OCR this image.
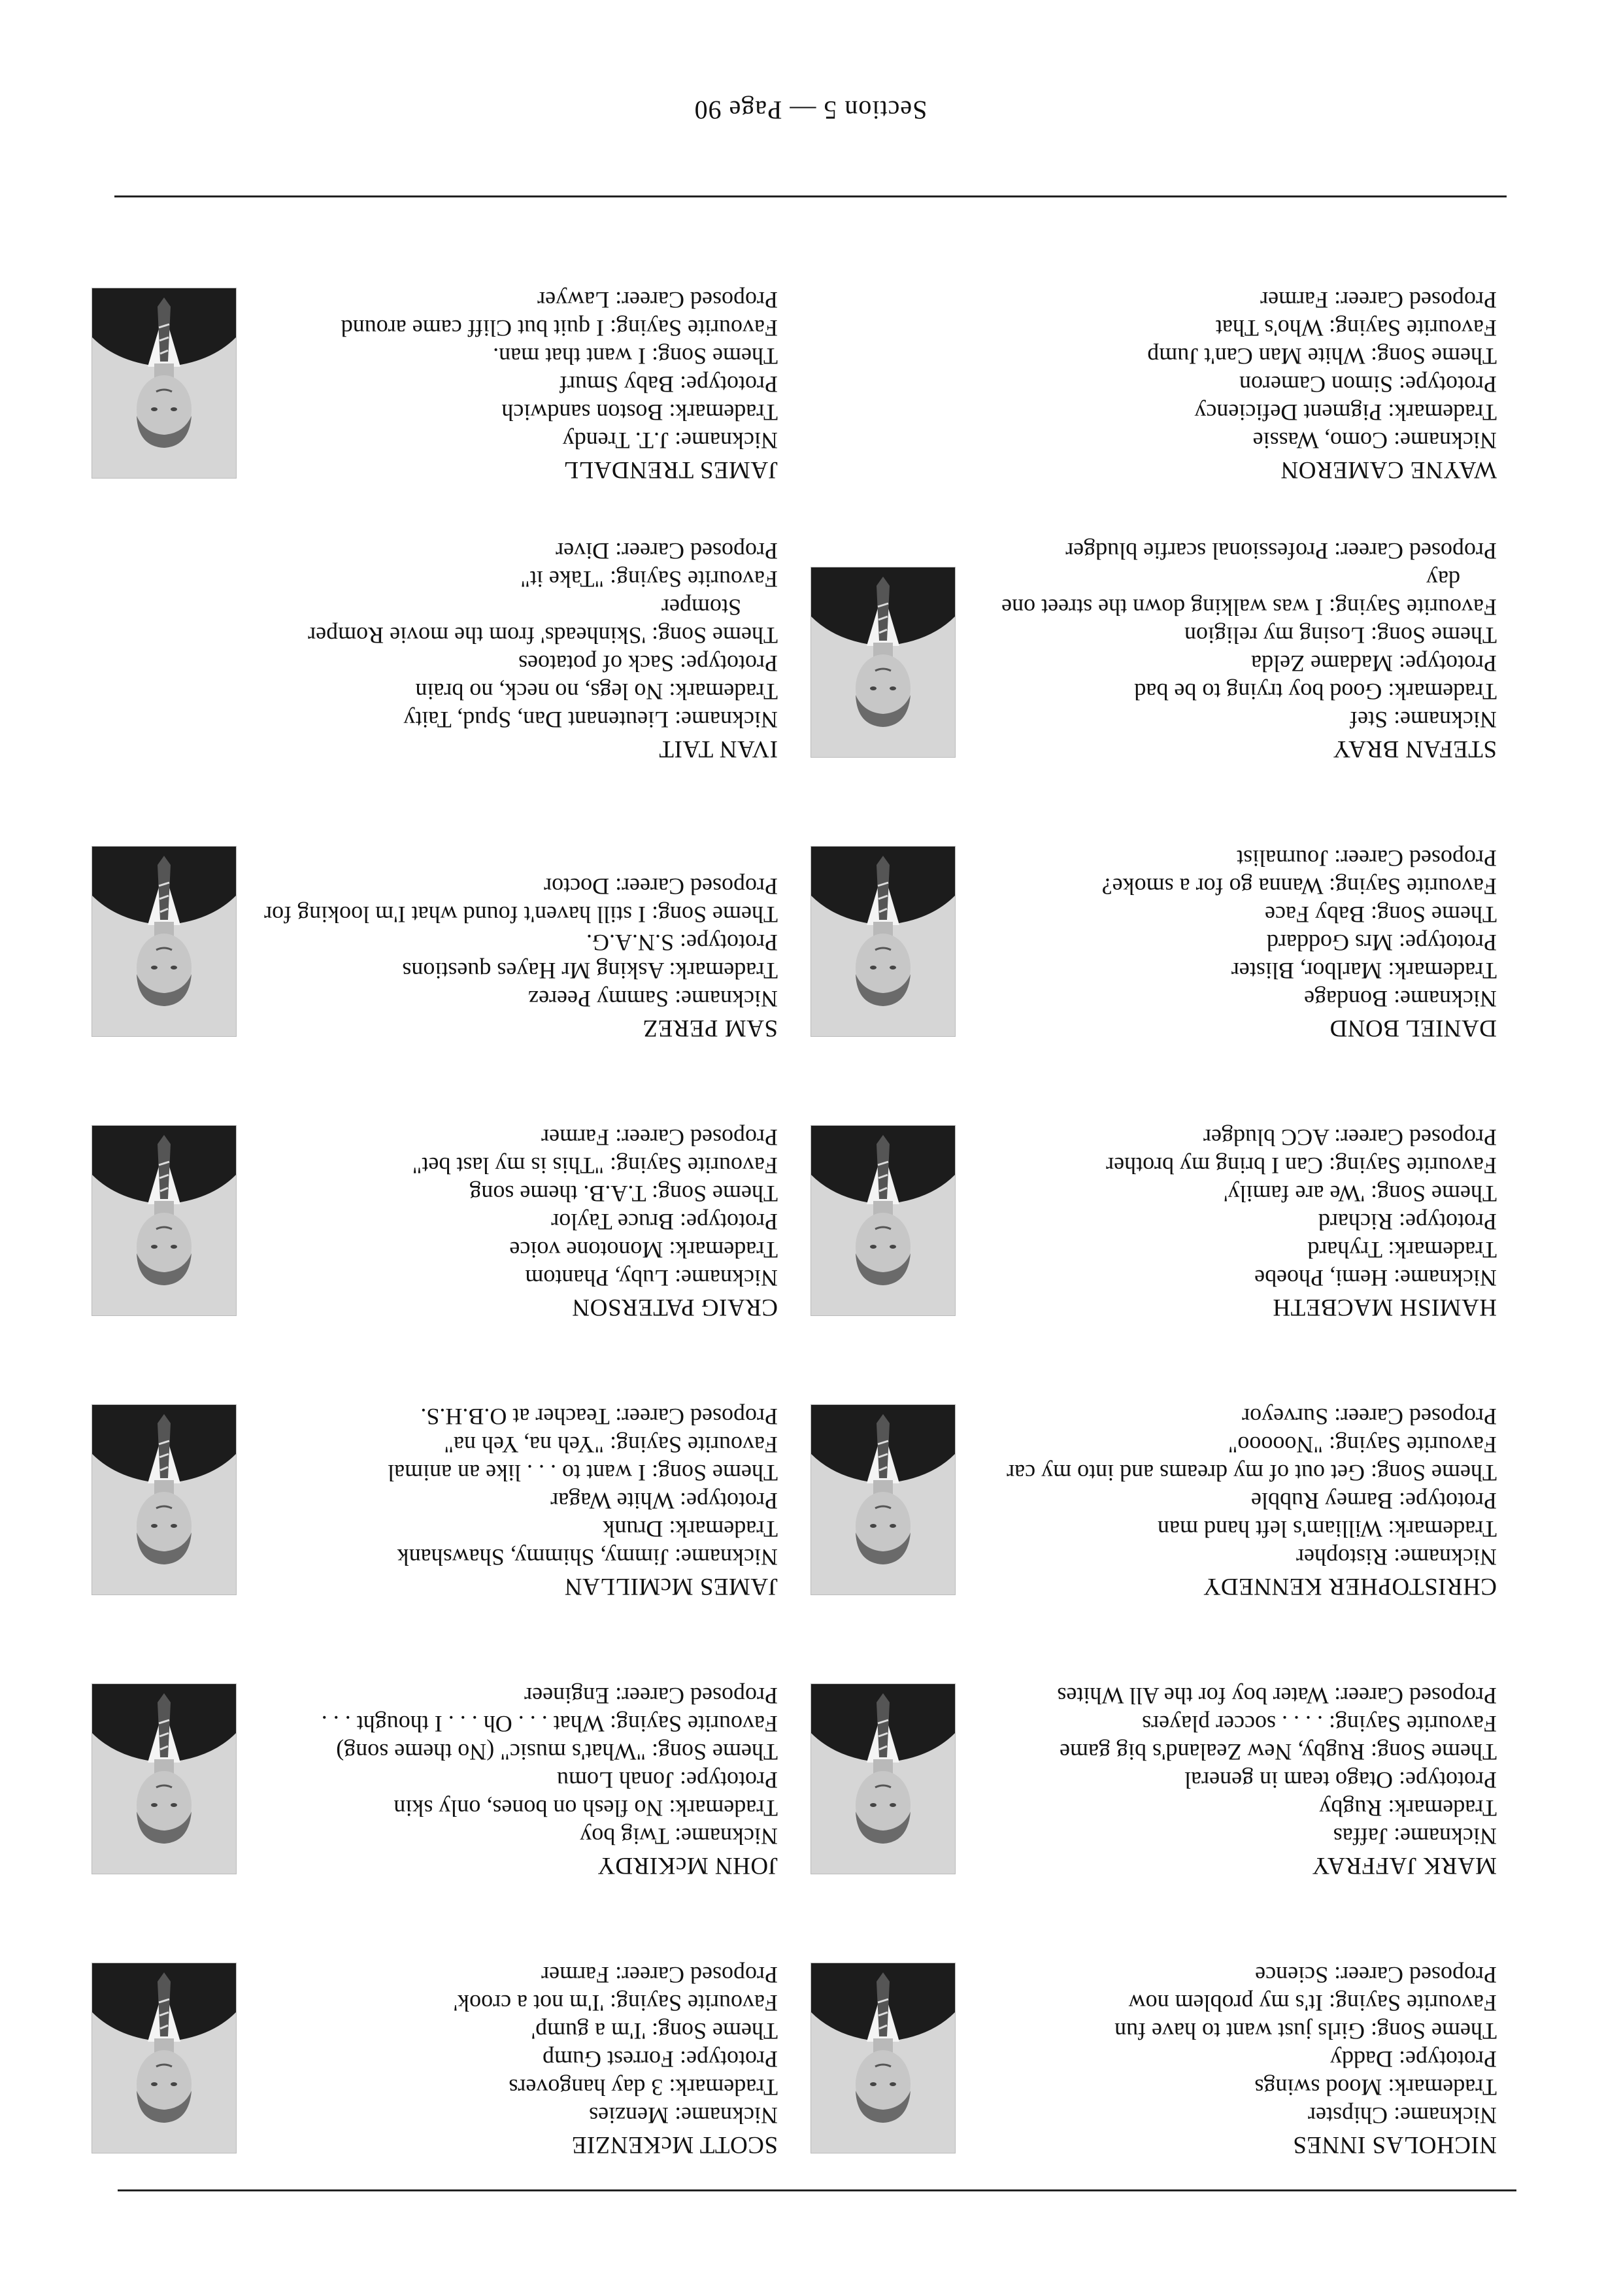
NICHOLAS INNES
Nickname: Chipster
Trademark: Mood swings
Prototype: Daddy
Theme Song: Girls just want to have fun
Favourite Saying: It's my problem now
Proposed Career: Science
MARK JAFFRAY
Nickname: Jaffas
Trademark: Rugby
Prototype: Otago team in general
Theme Song: Rugby, New Zealand's big game
Favourite Saying: . . . . soccer players
Proposed Career: Water boy for the All Whites
CHRISTOPHER KENNEDY
Nickname: Ristopher
Trademark: William's left hand man
Prototype: Barney Rubble
Theme Song: Get out of my dreams and into my car
Favourite Saying: "Nooooo"
Proposed Career: Surveyor
HAMISH MACBETH
Nickname: Hemi, Phoebe
Trademark: Tryhard
Prototype: Richard
Theme Song: 'We are family'
Favourite Saying: Can I bring my brother
Proposed Career: ACC bludger
DANIEL BOND
Nickname: Bondage
Trademark: Marlbor, Blister
Prototype: Mrs Goddard
Theme Song: Baby Face
Favourite Saying: Wanna go for a smoke?
Proposed Career: Journalist
STEFAN BRAY
Nickname: Stef
Trademark: Good boy trying to be bad
Prototype: Madame Zelda
Theme Song: Losing my religion
Favourite Saying: I was walking down the street one day
Proposed Career: Professional scarfie bludger
WAYNE CAMERON
Nickname: Como, Wassie
Trademark: Pigment Deficiency
Prototype: Simon Cameron
Theme Song: White Man Can't Jump
Favourite Saying: Who's That
Proposed Career: Farmer
SCOTT McKENZIE
Nickname: Menzies
Trademark: 3 day hangovers
Prototype: Forrest Gump
Theme Song: 'I'm a gump'
Favourite Saying: 'I'm not a crook'
Proposed Career: Farmer
JOHN McKIRDY
Nickname: Twig boy
Trademark: No flesh on bones, only skin
Prototype: Jonah Lomu
Theme Song: "What's music" (No theme song)
Favourite Saying: What . . . Oh . . . I thought . . .
Proposed Career: Engineer
JAMES McMILLAN
Nickname: Jimmy, Shimmy, Shawshank
Trademark: Drunk
Prototype: White Wagar
Theme Song: I want to . . . like an animal
Favourite Saying: "Yeh na, Yeh na"
Proposed Career: Teacher at O.B.H.S.
CRAIG PATERSON
Nickname: Luby, Phantom
Trademark: Monotone voice
Prototype: Bruce Taylor
Theme Song: T.A.B. theme song
Favourite Saying: "This is my last bet"
Proposed Career: Farmer
SAM PEREZ
Nickname: Sammy Peerez
Trademark: Asking Mr Hayes questions
Prototype: S.N.A.G.
Theme Song: I still haven't found what I'm looking for
Proposed Career: Doctor
IVAN TAIT
Nickname: Lieutenant Dan, Spud, Taity
Trademark: No legs, no neck, no brain
Prototype: Sack of potatoes
Theme Song: 'Skinheads' from the movie Romper Stomper
Favourite Saying: "Take it"
Proposed Career: Diver
JAMES TRENDALL
Nickname: J.T. Trendy
Trademark: Boston sandwich
Prototype: Baby Smurf
Theme Song: I want that man.
Favourite Saying: I quit but Cliff came around
Proposed Career: Lawyer
Section 5 — Page 90
